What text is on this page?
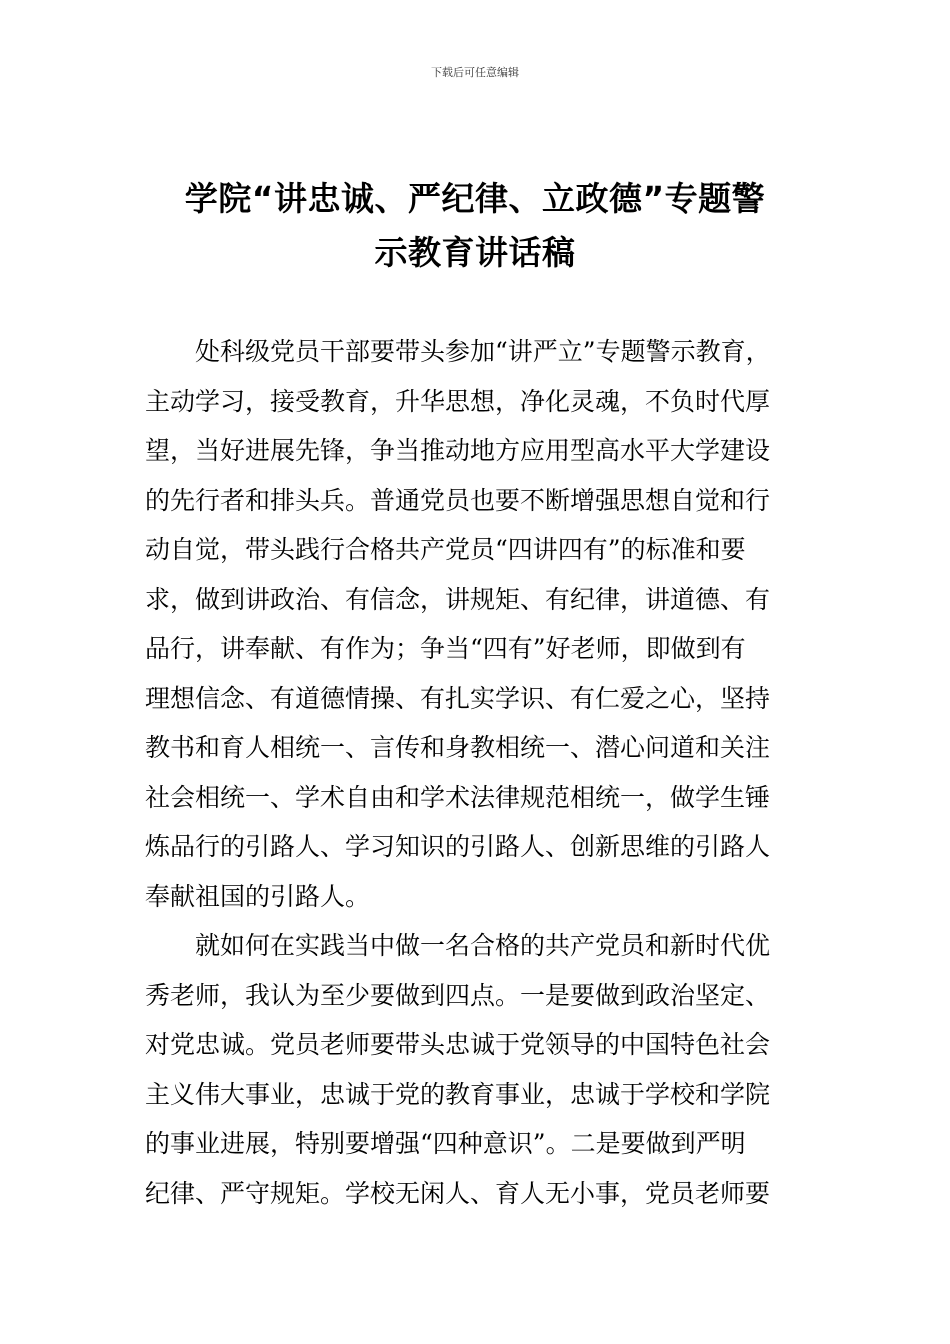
下载后可任意编辑
学院“讲忠诚、严纪律、立政德”专题警
示教育讲话稿
处科级党员干部要带头参加“讲严立”专题警示教育，
主动学习，接受教育，升华思想，净化灵魂，不负时代厚
望，当好进展先锋，争当推动地方应用型高水平大学建设
的先行者和排头兵。普通党员也要不断增强思想自觉和行
动自觉，带头践行合格共产党员“四讲四有”的标准和要
求，做到讲政治、有信念，讲规矩、有纪律，讲道德、有
品行，讲奉献、有作为；争当“四有”好老师，即做到有
理想信念、有道德情操、有扎实学识、有仁爱之心，坚持
教书和育人相统一、言传和身教相统一、潜心问道和关注
社会相统一、学术自由和学术法律规范相统一，做学生锤
炼品行的引路人、学习知识的引路人、创新思维的引路人
奉献祖国的引路人。
就如何在实践当中做一名合格的共产党员和新时代优
秀老师，我认为至少要做到四点。一是要做到政治坚定、
对党忠诚。党员老师要带头忠诚于党领导的中国特色社会
主义伟大事业，忠诚于党的教育事业，忠诚于学校和学院
的事业进展，特别要增强“四种意识”。二是要做到严明
纪律、严守规矩。学校无闲人、育人无小事，党员老师要
